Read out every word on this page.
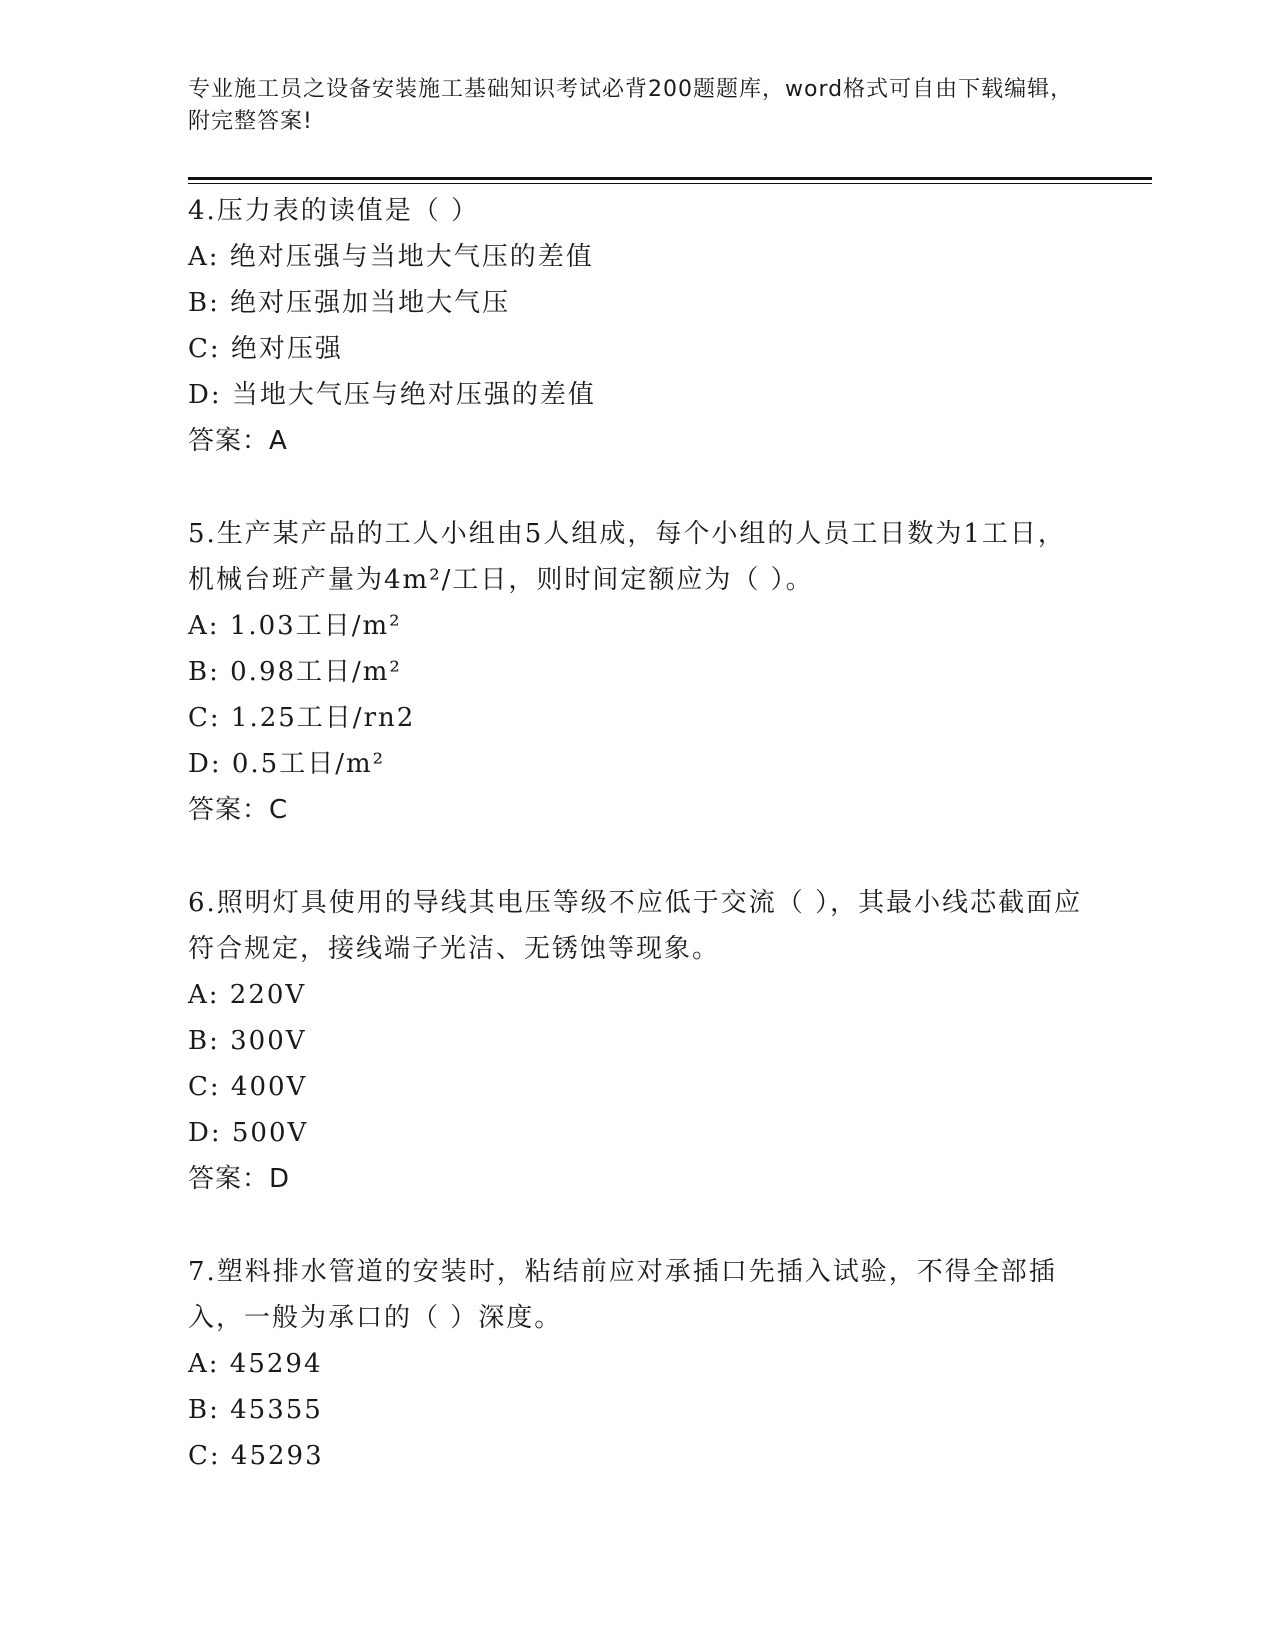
专业施工员之设备安装施工基础知识考试必背200题题库，word格式可自由下载编辑，附完整答案!

4.压力表的读值是（ ）

A: 绝对压强与当地大气压的差值

B: 绝对压强加当地大气压

C: 绝对压强

D: 当地大气压与绝对压强的差值

答案：A

5.生产某产品的工人小组由5人组成，每个小组的人员工日数为1工日，机械台班产量为4m²/工日，则时间定额应为（ ）。

A: 1.03工日/m²

B: 0.98工日/m²

C: 1.25工日/rn2

D: 0.5工日/m²

答案：C

6.照明灯具使用的导线其电压等级不应低于交流（ ），其最小线芯截面应符合规定，接线端子光洁、无锈蚀等现象。

A: 220V

B: 300V

C: 400V

D: 500V

答案：D

7.塑料排水管道的安装时，粘结前应对承插口先插入试验，不得全部插入，一般为承口的（ ）深度。

A: 45294

B: 45355

C: 45293
